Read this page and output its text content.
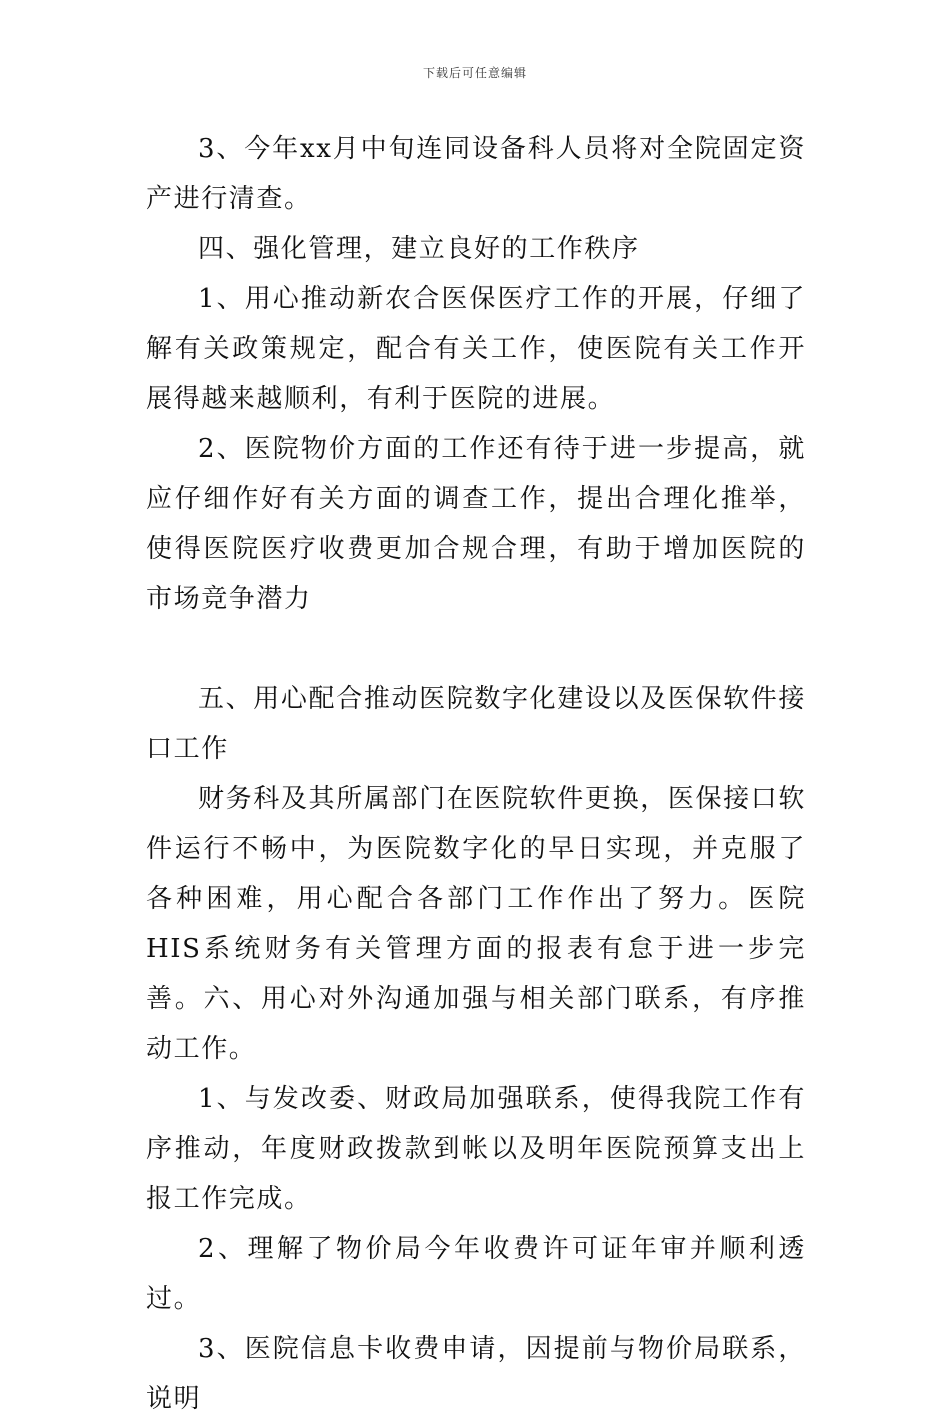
下载后可任意编辑

3、今年xx月中旬连同设备科人员将对全院固定资产进行清查。

四、强化管理，建立良好的工作秩序

1、用心推动新农合医保医疗工作的开展，仔细了解有关政策规定，配合有关工作，使医院有关工作开展得越来越顺利，有利于医院的进展。

2、医院物价方面的工作还有待于进一步提高，就应仔细作好有关方面的调查工作，提出合理化推举，使得医院医疗收费更加合规合理，有助于增加医院的市场竞争潜力

五、用心配合推动医院数字化建设以及医保软件接口工作

财务科及其所属部门在医院软件更换，医保接口软件运行不畅中，为医院数字化的早日实现，并克服了各种困难，用心配合各部门工作作出了努力。医院HIS系统财务有关管理方面的报表有怠于进一步完善。六、用心对外沟通加强与相关部门联系，有序推动工作。

1、与发改委、财政局加强联系，使得我院工作有序推动，年度财政拨款到帐以及明年医院预算支出上报工作完成。

2、理解了物价局今年收费许可证年审并顺利透过。

3、医院信息卡收费申请，因提前与物价局联系，说明
